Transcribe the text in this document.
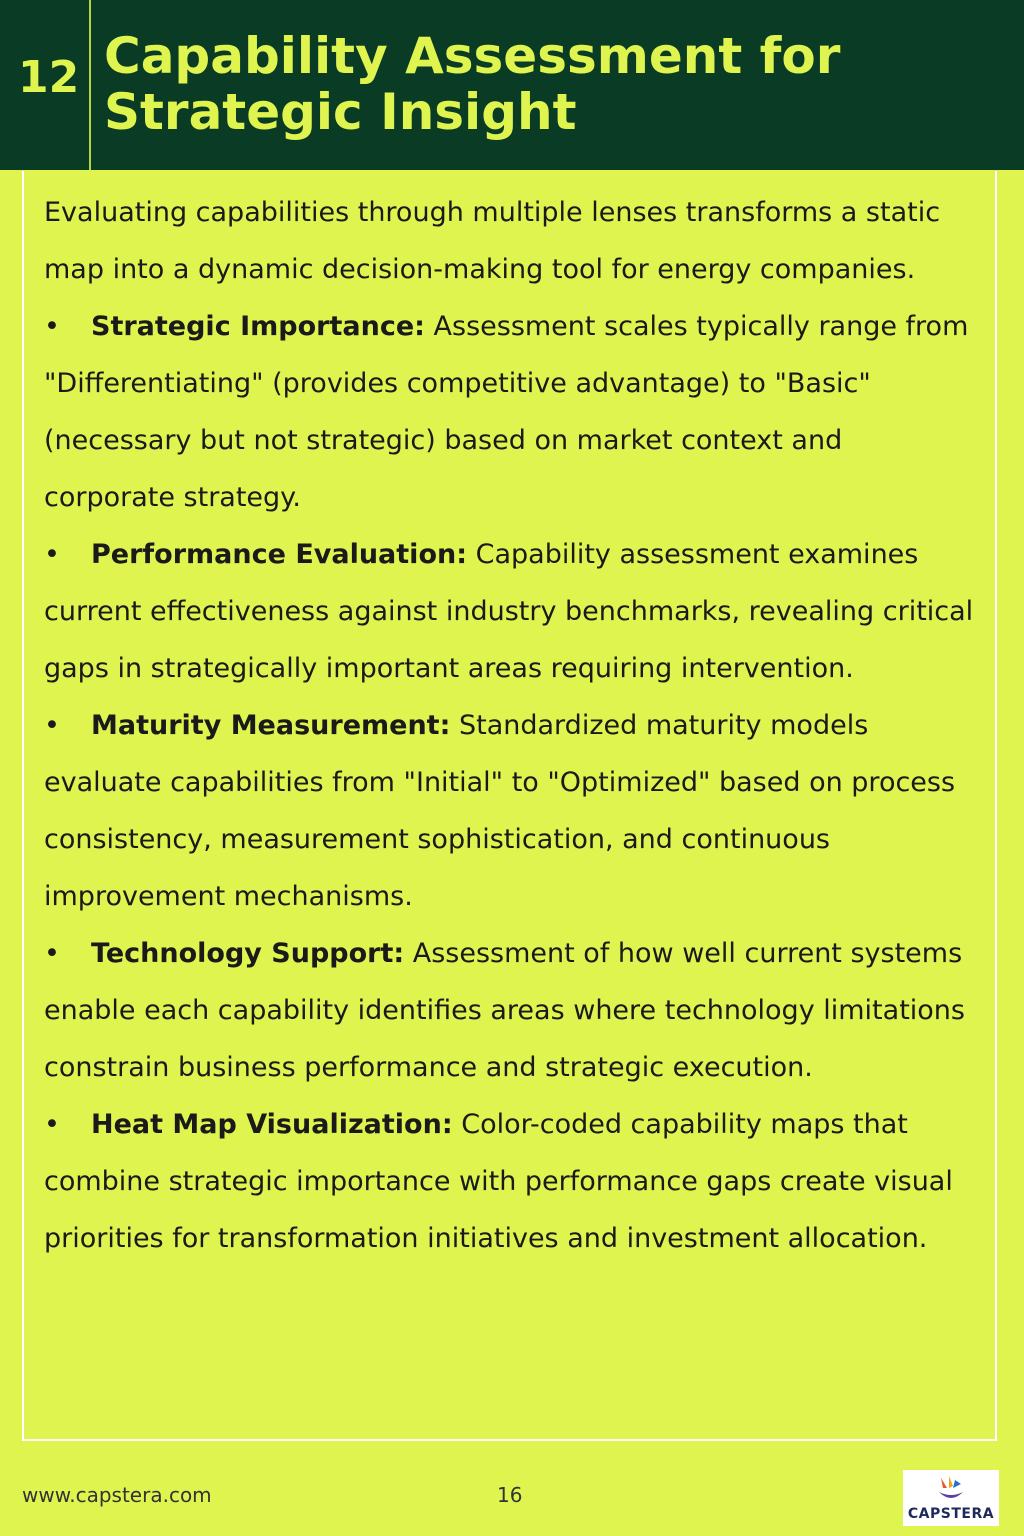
12 Capability Assessment for Strategic Insight

Evaluating capabilities through multiple lenses transforms a static map into a dynamic decision-making tool for energy companies.

• Strategic Importance: Assessment scales typically range from "Differentiating" (provides competitive advantage) to "Basic" (necessary but not strategic) based on market context and corporate strategy.

• Performance Evaluation: Capability assessment examines current effectiveness against industry benchmarks, revealing critical gaps in strategically important areas requiring intervention.

• Maturity Measurement: Standardized maturity models evaluate capabilities from "Initial" to "Optimized" based on process consistency, measurement sophistication, and continuous improvement mechanisms.

• Technology Support: Assessment of how well current systems enable each capability identifies areas where technology limitations constrain business performance and strategic execution.

• Heat Map Visualization: Color-coded capability maps that combine strategic importance with performance gaps create visual priorities for transformation initiatives and investment allocation.

www.capstera.com	16
CAPSTERA
